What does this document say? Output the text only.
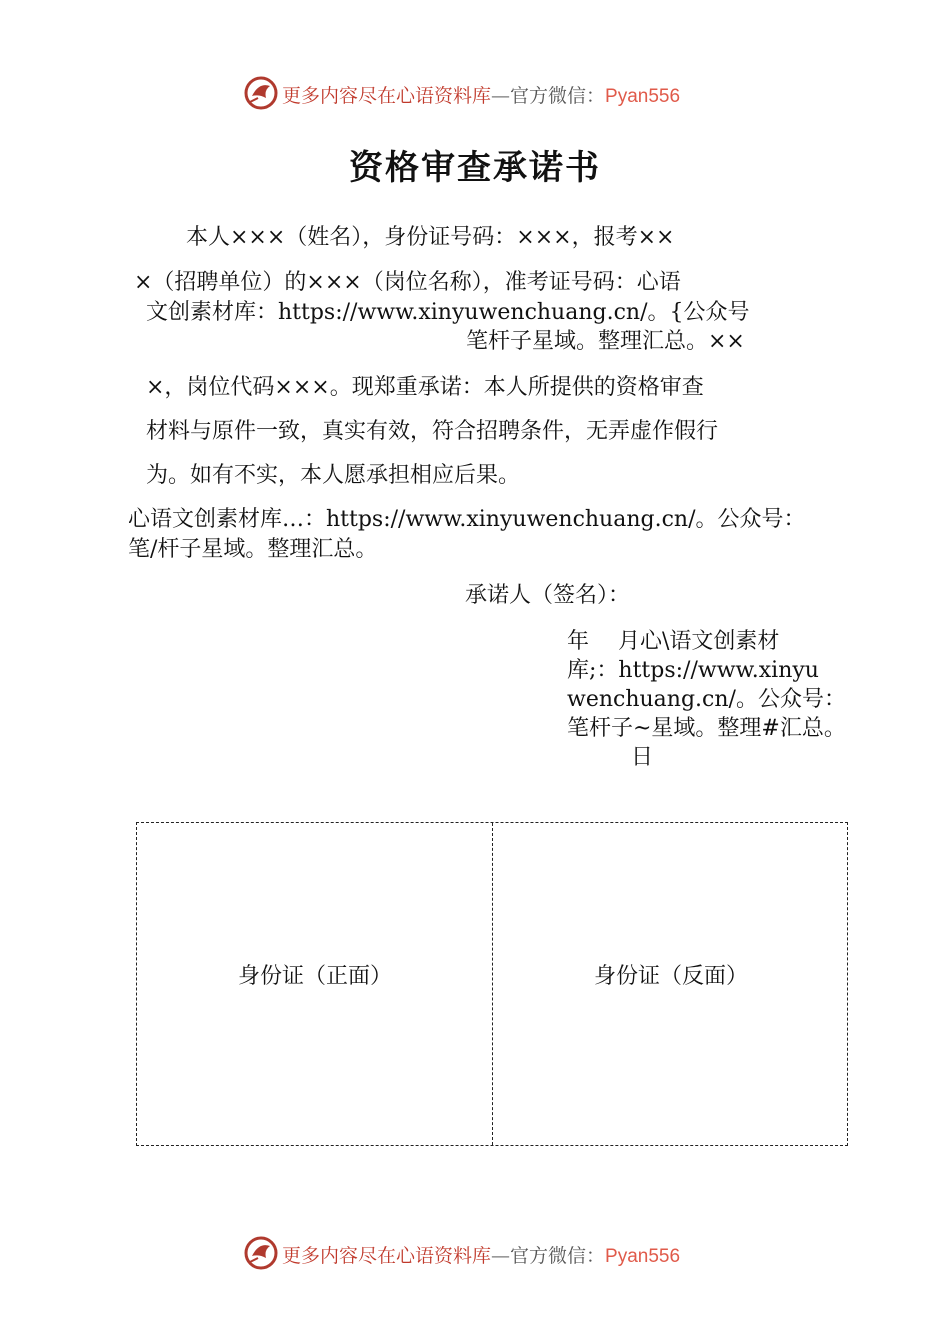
更多内容尽在心语资料库—官方微信：Pyan556
资格审查承诺书
本人×××（姓名），身份证号码：×××，报考××
×（招聘单位）的×××（岗位名称），准考证号码：心语
文创素材库：https://www.xinyuwenchuang.cn/。{公众号
笔杆子星域。整理汇总。××
×，岗位代码×××。现郑重承诺：本人所提供的资格审查
材料与原件一致，真实有效，符合招聘条件，无弄虚作假行
为。如有不实，本人愿承担相应后果。
心语文创素材库…：https://www.xinyuwenchuang.cn/。公众号：
笔/杆子星域。整理汇总。
承诺人（签名）：
年　 月心\语文创素材
库;：https://www.xinyu
wenchuang.cn/。公众号：
笔杆子~星域。整理#汇总。
日
身份证（正面）	身份证（反面）
更多内容尽在心语资料库—官方微信：Pyan556
